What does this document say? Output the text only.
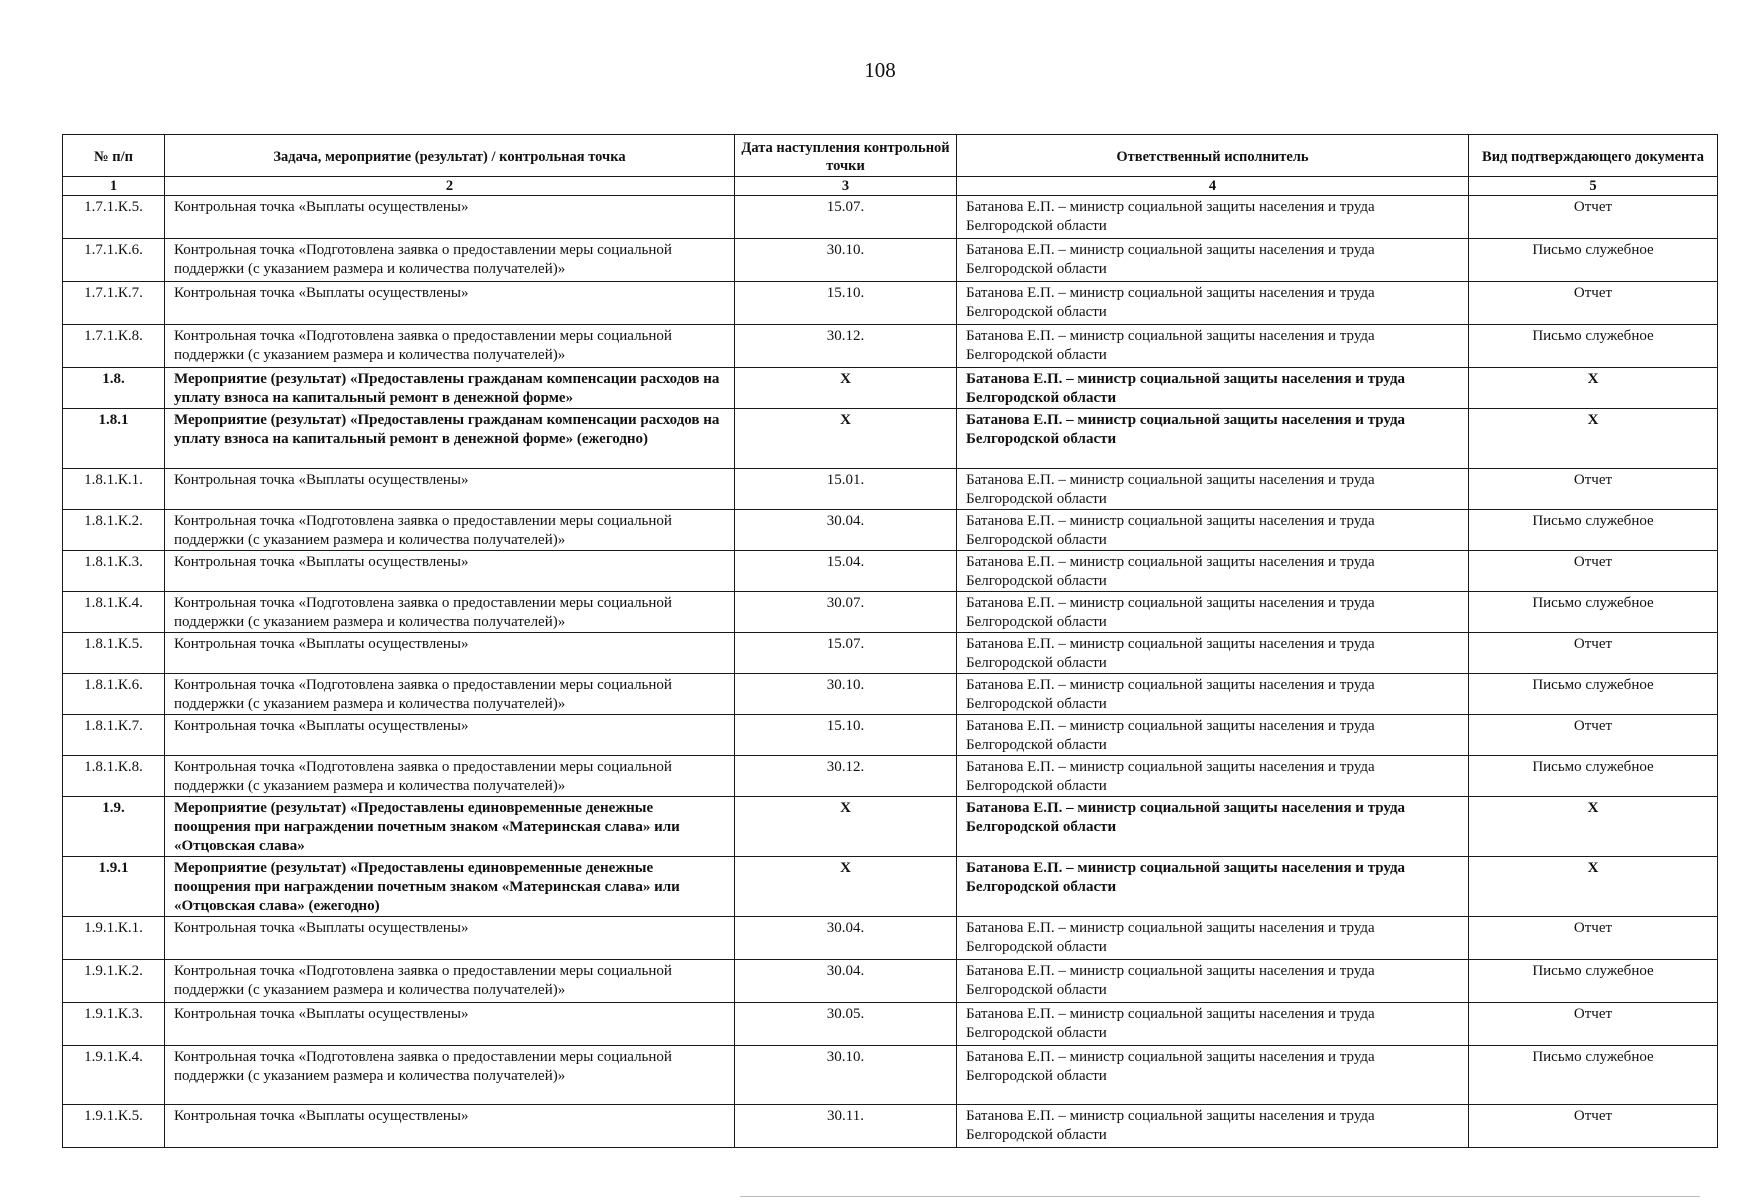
108
№ п/п	Задача, мероприятие (результат) / контрольная точка	Дата наступления контрольной точки	Ответственный исполнитель	Вид подтверждающего документа
1	2	3	4	5
1.7.1.К.5.	Контрольная точка «Выплаты осуществлены»	15.07.	Батанова Е.П. – министр социальной защиты населения и труда Белгородской области	Отчет
1.7.1.К.6.	Контрольная точка «Подготовлена заявка о предоставлении меры социальной поддержки (с указанием размера и количества получателей)»	30.10.	Батанова Е.П. – министр социальной защиты населения и труда Белгородской области	Письмо служебное
1.7.1.К.7.	Контрольная точка «Выплаты осуществлены»	15.10.	Батанова Е.П. – министр социальной защиты населения и труда Белгородской области	Отчет
1.7.1.К.8.	Контрольная точка «Подготовлена заявка о предоставлении меры социальной поддержки (с указанием размера и количества получателей)»	30.12.	Батанова Е.П. – министр социальной защиты населения и труда Белгородской области	Письмо служебное
1.8.	Мероприятие (результат) «Предоставлены гражданам компенсации расходов на уплату взноса на капитальный ремонт в денежной форме»	X	Батанова Е.П. – министр социальной защиты населения и труда Белгородской области	X
1.8.1	Мероприятие (результат) «Предоставлены гражданам компенсации расходов на уплату взноса на капитальный ремонт в денежной форме» (ежегодно)	X	Батанова Е.П. – министр социальной защиты населения и труда Белгородской области	X
1.8.1.К.1.	Контрольная точка «Выплаты осуществлены»	15.01.	Батанова Е.П. – министр социальной защиты населения и труда Белгородской области	Отчет
1.8.1.К.2.	Контрольная точка «Подготовлена заявка о предоставлении меры социальной поддержки (с указанием размера и количества получателей)»	30.04.	Батанова Е.П. – министр социальной защиты населения и труда Белгородской области	Письмо служебное
1.8.1.К.3.	Контрольная точка «Выплаты осуществлены»	15.04.	Батанова Е.П. – министр социальной защиты населения и труда Белгородской области	Отчет
1.8.1.К.4.	Контрольная точка «Подготовлена заявка о предоставлении меры социальной поддержки (с указанием размера и количества получателей)»	30.07.	Батанова Е.П. – министр социальной защиты населения и труда Белгородской области	Письмо служебное
1.8.1.К.5.	Контрольная точка «Выплаты осуществлены»	15.07.	Батанова Е.П. – министр социальной защиты населения и труда Белгородской области	Отчет
1.8.1.К.6.	Контрольная точка «Подготовлена заявка о предоставлении меры социальной поддержки (с указанием размера и количества получателей)»	30.10.	Батанова Е.П. – министр социальной защиты населения и труда Белгородской области	Письмо служебное
1.8.1.К.7.	Контрольная точка «Выплаты осуществлены»	15.10.	Батанова Е.П. – министр социальной защиты населения и труда Белгородской области	Отчет
1.8.1.К.8.	Контрольная точка «Подготовлена заявка о предоставлении меры социальной поддержки (с указанием размера и количества получателей)»	30.12.	Батанова Е.П. – министр социальной защиты населения и труда Белгородской области	Письмо служебное
1.9.	Мероприятие (результат) «Предоставлены единовременные денежные поощрения при награждении почетным знаком «Материнская слава» или «Отцовская слава»	X	Батанова Е.П. – министр социальной защиты населения и труда Белгородской области	X
1.9.1	Мероприятие (результат) «Предоставлены единовременные денежные поощрения при награждении почетным знаком «Материнская слава» или «Отцовская слава» (ежегодно)	X	Батанова Е.П. – министр социальной защиты населения и труда Белгородской области	X
1.9.1.К.1.	Контрольная точка «Выплаты осуществлены»	30.04.	Батанова Е.П. – министр социальной защиты населения и труда Белгородской области	Отчет
1.9.1.К.2.	Контрольная точка «Подготовлена заявка о предоставлении меры социальной поддержки (с указанием размера и количества получателей)»	30.04.	Батанова Е.П. – министр социальной защиты населения и труда Белгородской области	Письмо служебное
1.9.1.К.3.	Контрольная точка «Выплаты осуществлены»	30.05.	Батанова Е.П. – министр социальной защиты населения и труда Белгородской области	Отчет
1.9.1.К.4.	Контрольная точка «Подготовлена заявка о предоставлении меры социальной поддержки (с указанием размера и количества получателей)»	30.10.	Батанова Е.П. – министр социальной защиты населения и труда Белгородской области	Письмо служебное
1.9.1.К.5.	Контрольная точка «Выплаты осуществлены»	30.11.	Батанова Е.П. – министр социальной защиты населения и труда Белгородской области	Отчет
